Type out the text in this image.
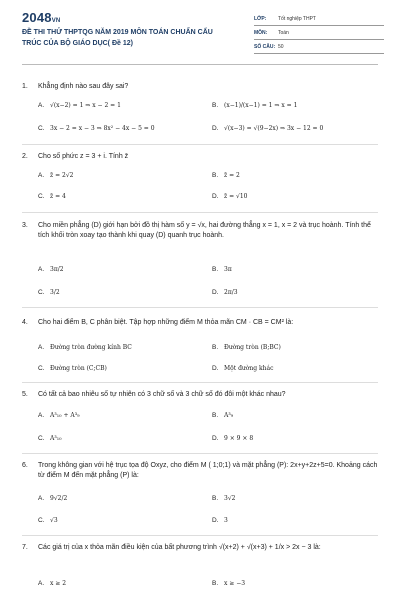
2048VN
ĐỀ THI THỬ THPTQG NĂM 2019 MÔN TOÁN CHUẨN CẤU TRÚC CỦA BỘ GIÁO DỤC( Đề 12)
LỚP: Tốt nghiệp THPT
MÔN: Toán
SỐ CÂU: 50
1.	Khẳng định nào sau đây sai?
A. √(x−2) = 1 ⇒ x − 2 = 1	B. (x−1)/(x−1) = 1 ⇒ x = 1
C. 3x − 2 = x − 3 ⇒ 8x² − 4x − 5 = 0	D. √(x−3) = √(9−2x) ⇒ 3x − 12 = 0
2.	Cho số phức z = 3 + i. Tính z̄
A. z̄ = 2√2	B. z̄ = 2
C. z̄ = 4	D. z̄ = √10
3.	Cho miền phẳng (D) giới hạn bởi đồ thị hàm số y = √x, hai đường thẳng x = 1, x = 2 và trục hoành. Tính thể tích khối tròn xoay tạo thành khi quay (D) quanh trục hoành.
A. 3π/2	B. 3π
C. 3/2	D. 2π/3
4.	Cho hai điểm B, C phân biệt. Tập hợp những điểm M thỏa mãn CM · CB = CM² là:
A. Đường tròn đường kính BC	B. Đường tròn (B;BC)
C. Đường tròn (C;CB)	D. Một đường khác
5.	Có tất cả bao nhiêu số tự nhiên có 3 chữ số và 3 chữ số đó đôi một khác nhau?
A. A³₁₀ + A³₉	B. A³₉
C. A³₁₀	D. 9 × 9 × 8
6.	Trong không gian với hệ trục tọa độ Oxyz, cho điểm M ( 1;0;1) và mặt phẳng (P): 2x+y+2z+5=0. Khoảng cách từ điểm M đến mặt phẳng (P) là:
A. 9√2/2	B. 3√2
C. √3	D. 3
7.	Các giá trị của x thỏa mãn điều kiện của bất phương trình √(x+2) + √(x+3) + 1/x > 2x − 3 là:
A. x ≥ 2	B. x ≥ −3
